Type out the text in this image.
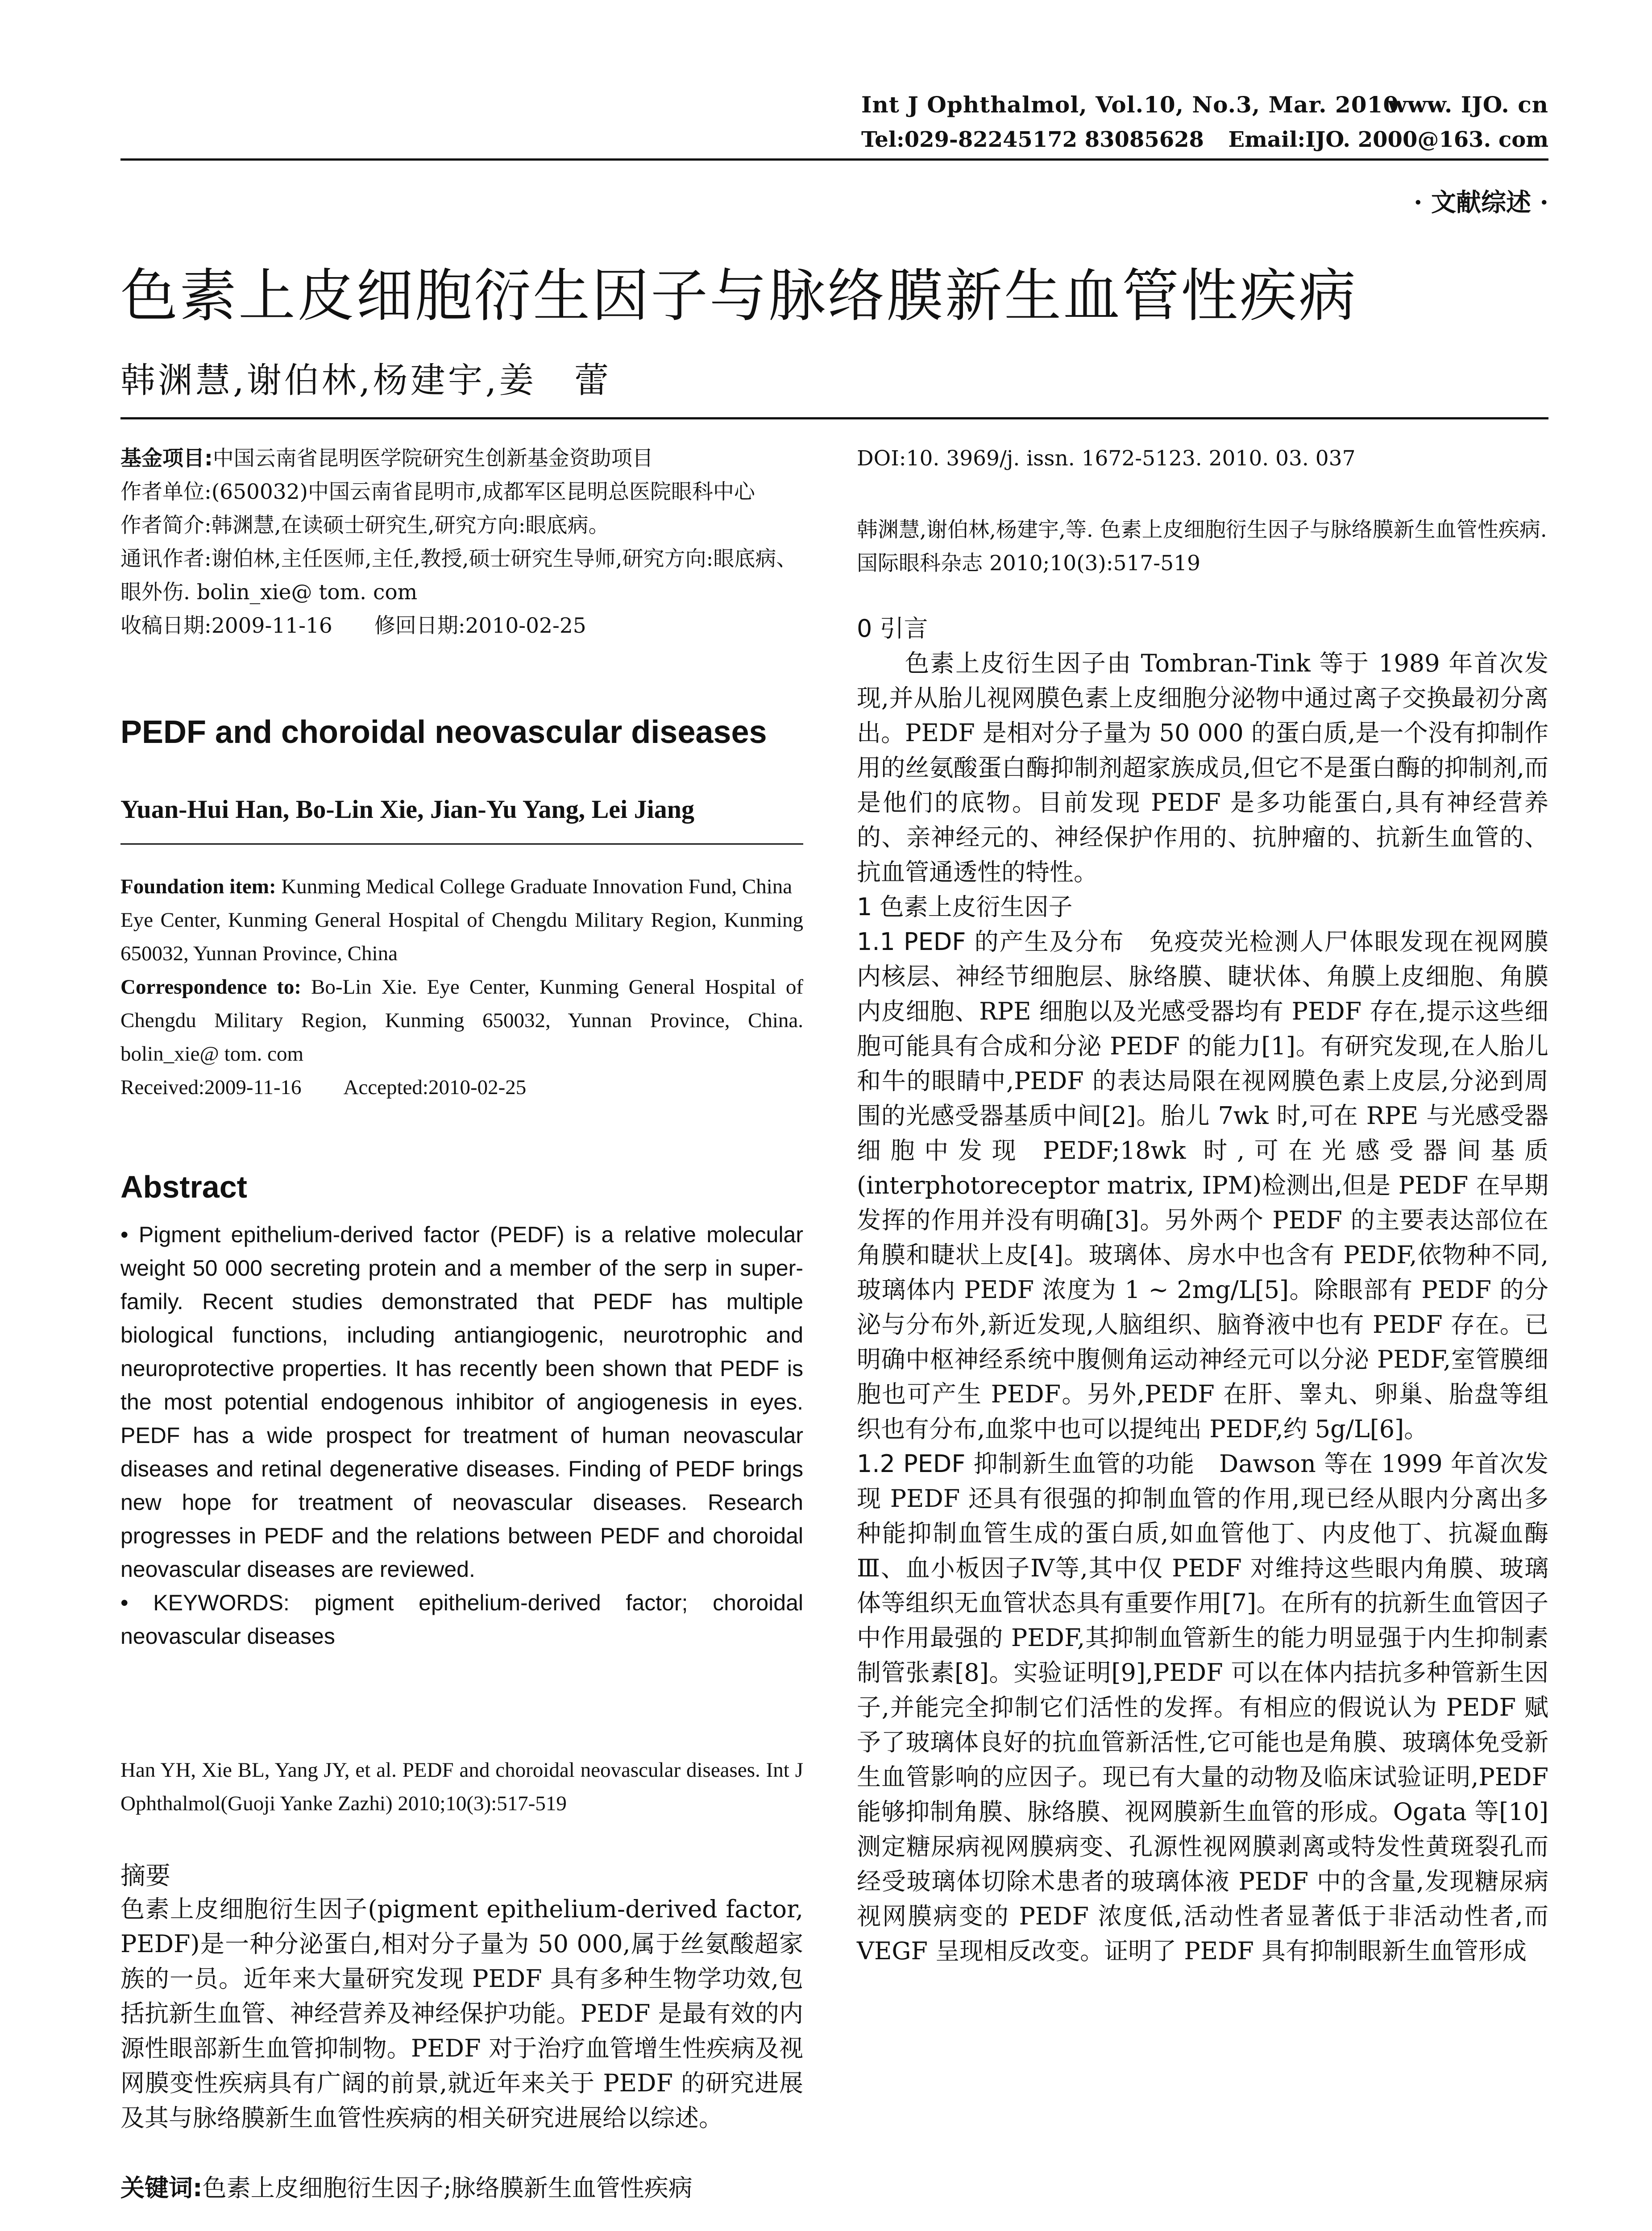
Int J Ophthalmol, Vol.10, No.3, Mar. 2010
www. IJO. cn
Tel:029-82245172 83085628 Email:IJO. 2000@163. com
· 文献综述 ·
色素上皮细胞衍生因子与脉络膜新生血管性疾病
韩渊慧,谢伯林,杨建宇,姜　蕾
基金项目:中国云南省昆明医学院研究生创新基金资助项目
作者单位:(650032)中国云南省昆明市,成都军区昆明总医院眼科中心
作者简介:韩渊慧,在读硕士研究生,研究方向:眼底病。
通讯作者:谢伯林,主任医师,主任,教授,硕士研究生导师,研究方向:眼底病、眼外伤. bolin_xie@ tom. com
收稿日期:2009-11-16　　修回日期:2010-02-25
PEDF and choroidal neovascular diseases
Yuan-Hui Han, Bo-Lin Xie, Jian-Yu Yang, Lei Jiang
Foundation item: Kunming Medical College Graduate Innovation Fund, China
Eye Center, Kunming General Hospital of Chengdu Military Region, Kunming 650032, Yunnan Province, China
Correspondence to: Bo-Lin Xie. Eye Center, Kunming General Hospital of Chengdu Military Region, Kunming 650032, Yunnan Province, China. bolin_xie@ tom. com
Received:2009-11-16　　Accepted:2010-02-25
Abstract
• Pigment epithelium-derived factor (PEDF) is a relative molecular weight 50 000 secreting protein and a member of the serp in super-family. Recent studies demonstrated that PEDF has multiple biological functions, including antiangiogenic, neurotrophic and neuroprotective properties. It has recently been shown that PEDF is the most potential endogenous inhibitor of angiogenesis in eyes. PEDF has a wide prospect for treatment of human neovascular diseases and retinal degenerative diseases. Finding of PEDF brings new hope for treatment of neovascular diseases. Research progresses in PEDF and the relations between PEDF and choroidal neovascular diseases are reviewed.
• KEYWORDS: pigment epithelium-derived factor; choroidal neovascular diseases
Han YH, Xie BL, Yang JY, et al. PEDF and choroidal neovascular diseases. Int J Ophthalmol(Guoji Yanke Zazhi) 2010;10(3):517-519
摘要
色素上皮细胞衍生因子(pigment epithelium-derived factor, PEDF)是一种分泌蛋白,相对分子量为 50 000,属于丝氨酸超家族的一员。近年来大量研究发现 PEDF 具有多种生物学功效,包括抗新生血管、神经营养及神经保护功能。PEDF 是最有效的内源性眼部新生血管抑制物。PEDF 对于治疗血管增生性疾病及视网膜变性疾病具有广阔的前景,就近年来关于 PEDF 的研究进展及其与脉络膜新生血管性疾病的相关研究进展给以综述。
关键词:色素上皮细胞衍生因子;脉络膜新生血管性疾病
DOI:10. 3969/j. issn. 1672-5123. 2010. 03. 037
韩渊慧,谢伯林,杨建宇,等. 色素上皮细胞衍生因子与脉络膜新生血管性疾病. 国际眼科杂志 2010;10(3):517-519
0 引言

色素上皮衍生因子由 Tombran-Tink 等于 1989 年首次发现,并从胎儿视网膜色素上皮细胞分泌物中通过离子交换最初分离出。PEDF 是相对分子量为 50 000 的蛋白质,是一个没有抑制作用的丝氨酸蛋白酶抑制剂超家族成员,但它不是蛋白酶的抑制剂,而是他们的底物。目前发现 PEDF 是多功能蛋白,具有神经营养的、亲神经元的、神经保护作用的、抗肿瘤的、抗新生血管的、抗血管通透性的特性。

1 色素上皮衍生因子
1.1 PEDF 的产生及分布　 免疫荧光检测人尸体眼发现在视网膜内核层、神经节细胞层、脉络膜、睫状体、角膜上皮细胞、角膜内皮细胞、RPE 细胞以及光感受器均有 PEDF 存在,提示这些细胞可能具有合成和分泌 PEDF 的能力[1]。有研究发现,在人胎儿和牛的眼睛中,PEDF 的表达局限在视网膜色素上皮层,分泌到周围的光感受器基质中间[2]。胎儿 7wk 时,可在 RPE 与光感受器细胞中发现 PEDF;18wk 时,可在光感受器间基质(interphotoreceptor matrix, IPM)检测出,但是 PEDF 在早期发挥的作用并没有明确[3]。另外两个 PEDF 的主要表达部位在角膜和睫状上皮[4]。玻璃体、房水中也含有 PEDF,依物种不同,玻璃体内 PEDF 浓度为 1 ~ 2mg/L[5]。除眼部有 PEDF 的分泌与分布外,新近发现,人脑组织、脑脊液中也有 PEDF 存在。已明确中枢神经系统中腹侧角运动神经元可以分泌 PEDF,室管膜细胞也可产生 PEDF。另外,PEDF 在肝、睾丸、卵巢、胎盘等组织也有分布,血浆中也可以提纯出 PEDF,约 5g/L[6]。
1.2 PEDF 抑制新生血管的功能　 Dawson 等在 1999 年首次发现 PEDF 还具有很强的抑制血管的作用,现已经从眼内分离出多种能抑制血管生成的蛋白质,如血管他丁、内皮他丁、抗凝血酶Ⅲ、血小板因子Ⅳ等,其中仅 PEDF 对维持这些眼内角膜、玻璃体等组织无血管状态具有重要作用[7]。在所有的抗新生血管因子中作用最强的 PEDF,其抑制血管新生的能力明显强于内生抑制素制管张素[8]。实验证明[9],PEDF 可以在体内拮抗多种管新生因子,并能完全抑制它们活性的发挥。有相应的假说认为 PEDF 赋予了玻璃体良好的抗血管新活性,它可能也是角膜、玻璃体免受新生血管影响的应因子。现已有大量的动物及临床试验证明,PEDF 能够抑制角膜、脉络膜、视网膜新生血管的形成。Ogata 等[10] 测定糖尿病视网膜病变、孔源性视网膜剥离或特发性黄斑裂孔而经受玻璃体切除术患者的玻璃体液 PEDF 中的含量,发现糖尿病视网膜病变的 PEDF 浓度低,活动性者显著低于非活动性者,而 VEGF 呈现相反改变。证明了 PEDF 具有抑制眼新生血管形成
